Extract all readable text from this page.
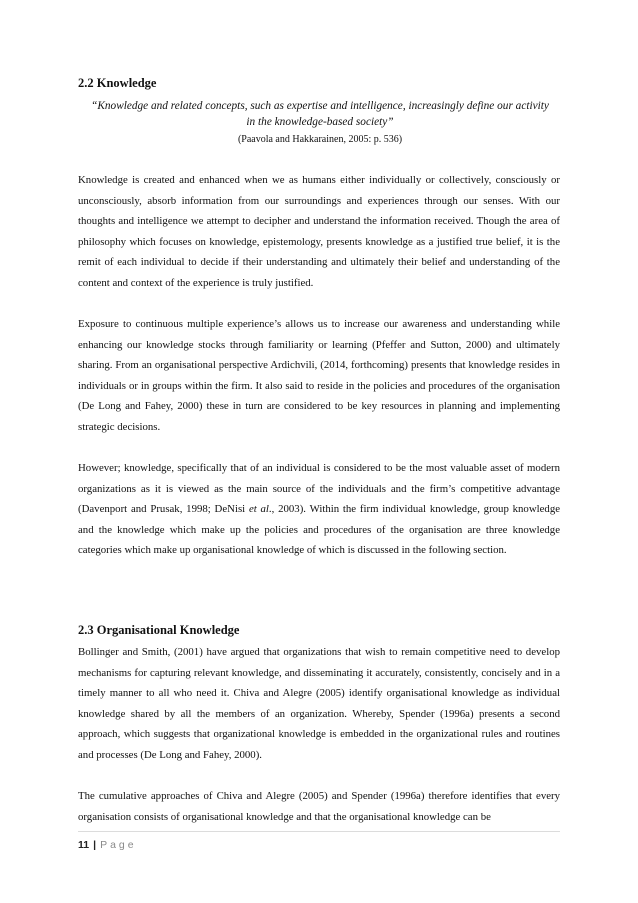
2.2 Knowledge

“Knowledge and related concepts, such as expertise and intelligence, increasingly define our activity in the knowledge-based society”

(Paavola and Hakkarainen, 2005: p. 536)

Knowledge is created and enhanced when we as humans either individually or collectively, consciously or unconsciously, absorb information from our surroundings and experiences through our senses. With our thoughts and intelligence we attempt to decipher and understand the information received. Though the area of philosophy which focuses on knowledge, epistemology, presents knowledge as a justified true belief, it is the remit of each individual to decide if their understanding and ultimately their belief and understanding of the content and context of the experience is truly justified.

Exposure to continuous multiple experience’s allows us to increase our awareness and understanding while enhancing our knowledge stocks through familiarity or learning (Pfeffer and Sutton, 2000) and ultimately sharing. From an organisational perspective Ardichvili, (2014, forthcoming) presents that knowledge resides in individuals or in groups within the firm. It also said to reside in the policies and procedures of the organisation (De Long and Fahey, 2000) these in turn are considered to be key resources in planning and implementing strategic decisions.

However; knowledge, specifically that of an individual is considered to be the most valuable asset of modern organizations as it is viewed as the main source of the individuals and the firm’s competitive advantage (Davenport and Prusak, 1998; DeNisi et al., 2003). Within the firm individual knowledge, group knowledge and the knowledge which make up the policies and procedures of the organisation are three knowledge categories which make up organisational knowledge of which is discussed in the following section.

2.3 Organisational Knowledge

Bollinger and Smith, (2001) have argued that organizations that wish to remain competitive need to develop mechanisms for capturing relevant knowledge, and disseminating it accurately, consistently, concisely and in a timely manner to all who need it. Chiva and Alegre (2005) identify organisational knowledge as individual knowledge shared by all the members of an organization. Whereby, Spender (1996a) presents a second approach, which suggests that organizational knowledge is embedded in the organizational rules and routines and processes (De Long and Fahey, 2000).

The cumulative approaches of Chiva and Alegre (2005) and Spender (1996a) therefore identifies that every organisation consists of organisational knowledge and that the organisational knowledge can be

11 | Page
